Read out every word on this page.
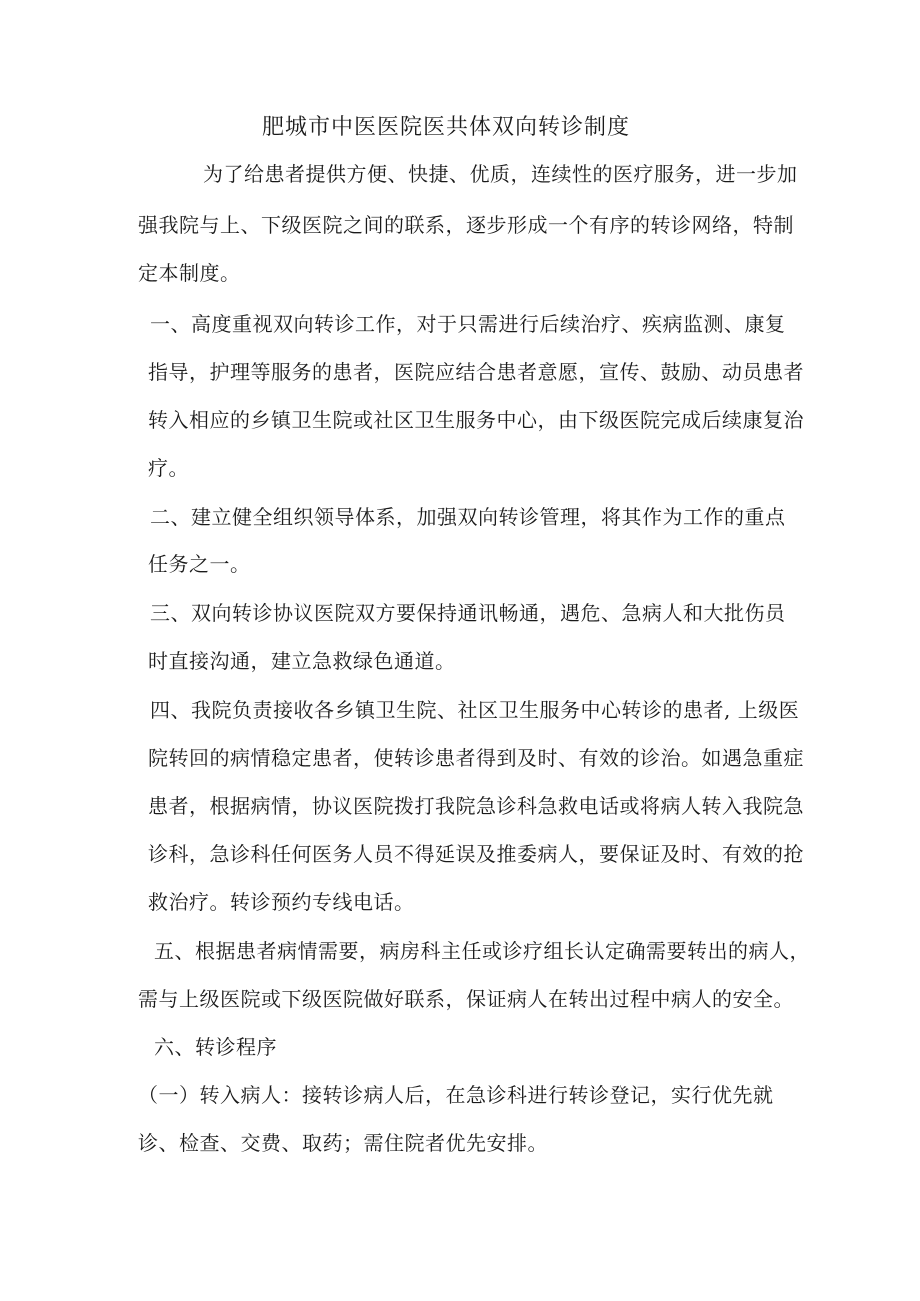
肥城市中医医院医共体双向转诊制度
为了给患者提供方便、快捷、优质，连续性的医疗服务，进一步加
强我院与上、下级医院之间的联系，逐步形成一个有序的转诊网络，特制
定本制度。
一、高度重视双向转诊工作，对于只需进行后续治疗、疾病监测、康复
指导，护理等服务的患者，医院应结合患者意愿，宣传、鼓励、动员患者
转入相应的乡镇卫生院或社区卫生服务中心，由下级医院完成后续康复治
疗。
二、建立健全组织领导体系，加强双向转诊管理，将其作为工作的重点
任务之一。
三、双向转诊协议医院双方要保持通讯畅通，遇危、急病人和大批伤员
时直接沟通，建立急救绿色通道。
四、我院负责接收各乡镇卫生院、社区卫生服务中心转诊的患者, 上级医
院转回的病情稳定患者，使转诊患者得到及时、有效的诊治。如遇急重症
患者，根据病情，协议医院拨打我院急诊科急救电话或将病人转入我院急
诊科，急诊科任何医务人员不得延误及推委病人，要保证及时、有效的抢
救治疗。转诊预约专线电话。
五、根据患者病情需要，病房科主任或诊疗组长认定确需要转出的病人，
需与上级医院或下级医院做好联系，保证病人在转出过程中病人的安全。
六、转诊程序
（一）转入病人：接转诊病人后，在急诊科进行转诊登记，实行优先就
诊、检查、交费、取药；需住院者优先安排。
